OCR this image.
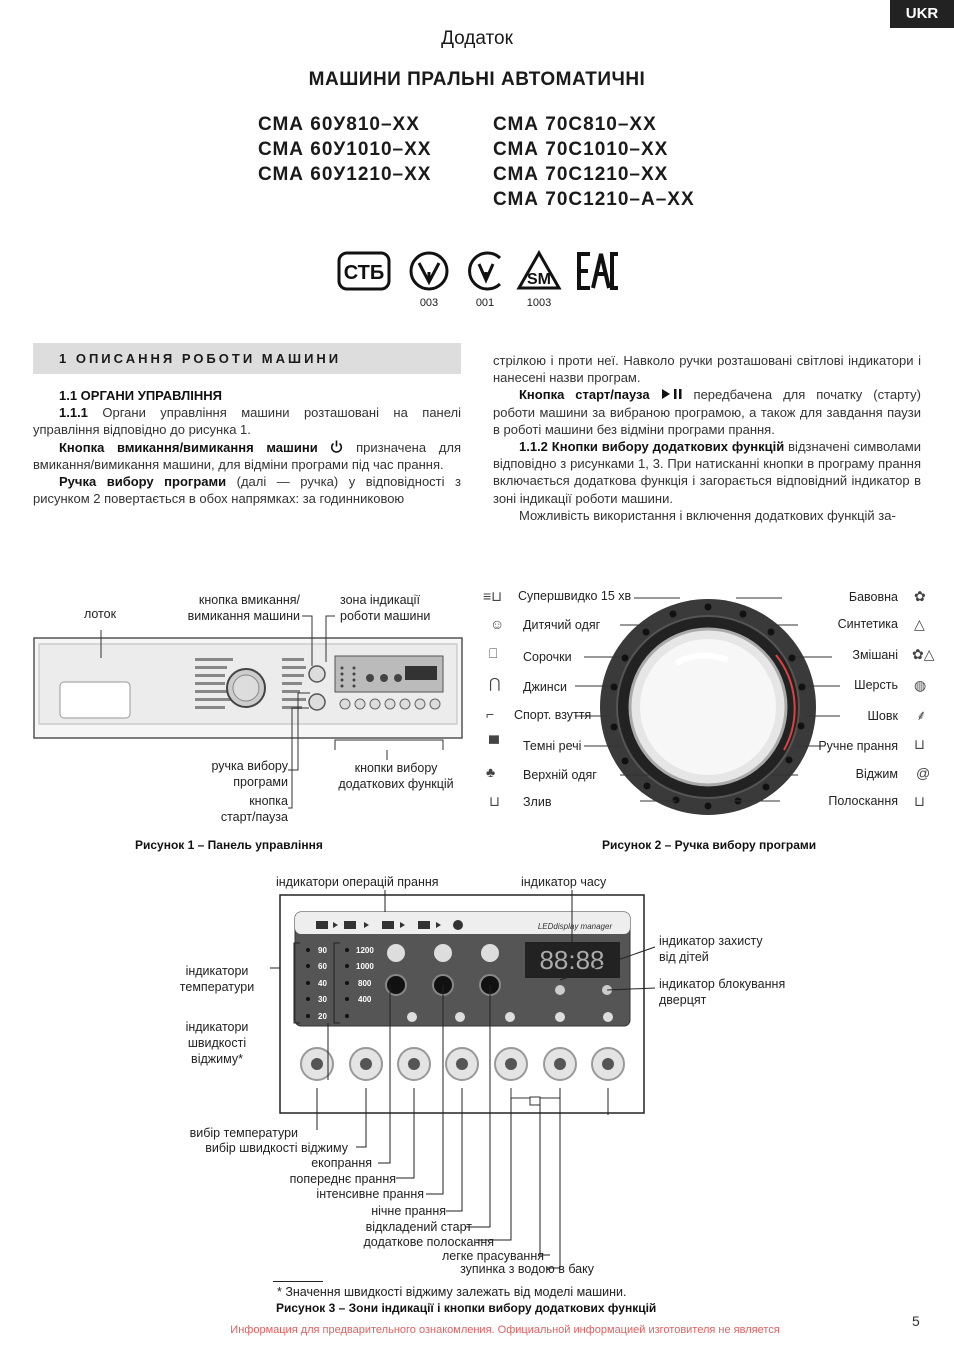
UKR
Додаток
МАШИНИ ПРАЛЬНІ АВТОМАТИЧНІ
СМА 60У810–ХХ
СМА 60У1010–ХХ
СМА 60У1210–ХХ
СМА 70С810–ХХ
СМА 70С1010–ХХ
СМА 70С1210–ХХ
СМА 70С1210–А–ХХ
СТБ	SM
003	001	1003
1 ОПИСАННЯ РОБОТИ МАШИНИ

1.1 ОРГАНИ УПРАВЛІННЯ

1.1.1 Органи управління машини розташовані на панелі управління відповідно до рисунка 1.

Кнопка вмикання/вимикання машини  призначена для вмикання/вимикання машини, для відміни програми під час прання.

Ручка вибору програми (далі — ручка) у відповідності з рисунком 2 повертається в обох напрямках: за годинниковою

стрілкою і проти неї. Навколо ручки розташовані світлові індикатори і нанесені назви програм.

Кнопка старт/пауза	передбачена для початку (старту) роботи машини за вибраною програмою, а також для завдання паузи в роботі машини без відміни програми прання.

1.1.2 Кнопки вибору додаткових функцій відзначені символами відповідно з рисунками 1, 3. При натисканні кнопки в програму прання включається додаткова функція і загорається відповідний індикатор в зоні індикації роботи машини.

Можливість використання і включення додаткових функцій за-

лоток
кнопка вмикання/
вимикання машини
зона індикації
роботи машини
ручка вибору
програми
кнопка
старт/пауза
кнопки вибору
додаткових функцій
Рисунок 1 – Панель управління
Супершвидко 15 хв
Дитячий одяг
Сорочки
Джинси
Спорт. взуття
Темні речі
Верхній одяг
Злив
Бавовна
Синтетика
Змішані
Шерсть
Шовк
Ручне прання
Віджим
Полоскання
≡⊔
☺
⎕
⋂
⌐
▀
♣
⊔
✿
△
✿△
◍
⸙
⊔
@
⊔
Рисунок 2 – Ручка вибору програми
індикатори операцій прання	індикатор часу
індикатор захисту
від дітей
індикатор блокування
дверцят
індикатори
температури
індикатори
швидкості
віджиму*
LEDdisplay manager
88:88
90
60
40
30
20
1200
1000
800
400
вибір температури
вибір швидкості віджиму
екопрання
попереднє прання
інтенсивне прання
нічне прання
відкладений старт
додаткове полоскання
легке прасування
зупинка з водою в баку
* Значення швидкості віджиму залежать від моделі машини.
Рисунок 3 – Зони індикації і кнопки вибору додаткових функцій
5
Информация для предварительного ознакомления. Официальной информацией изготовителя не является
